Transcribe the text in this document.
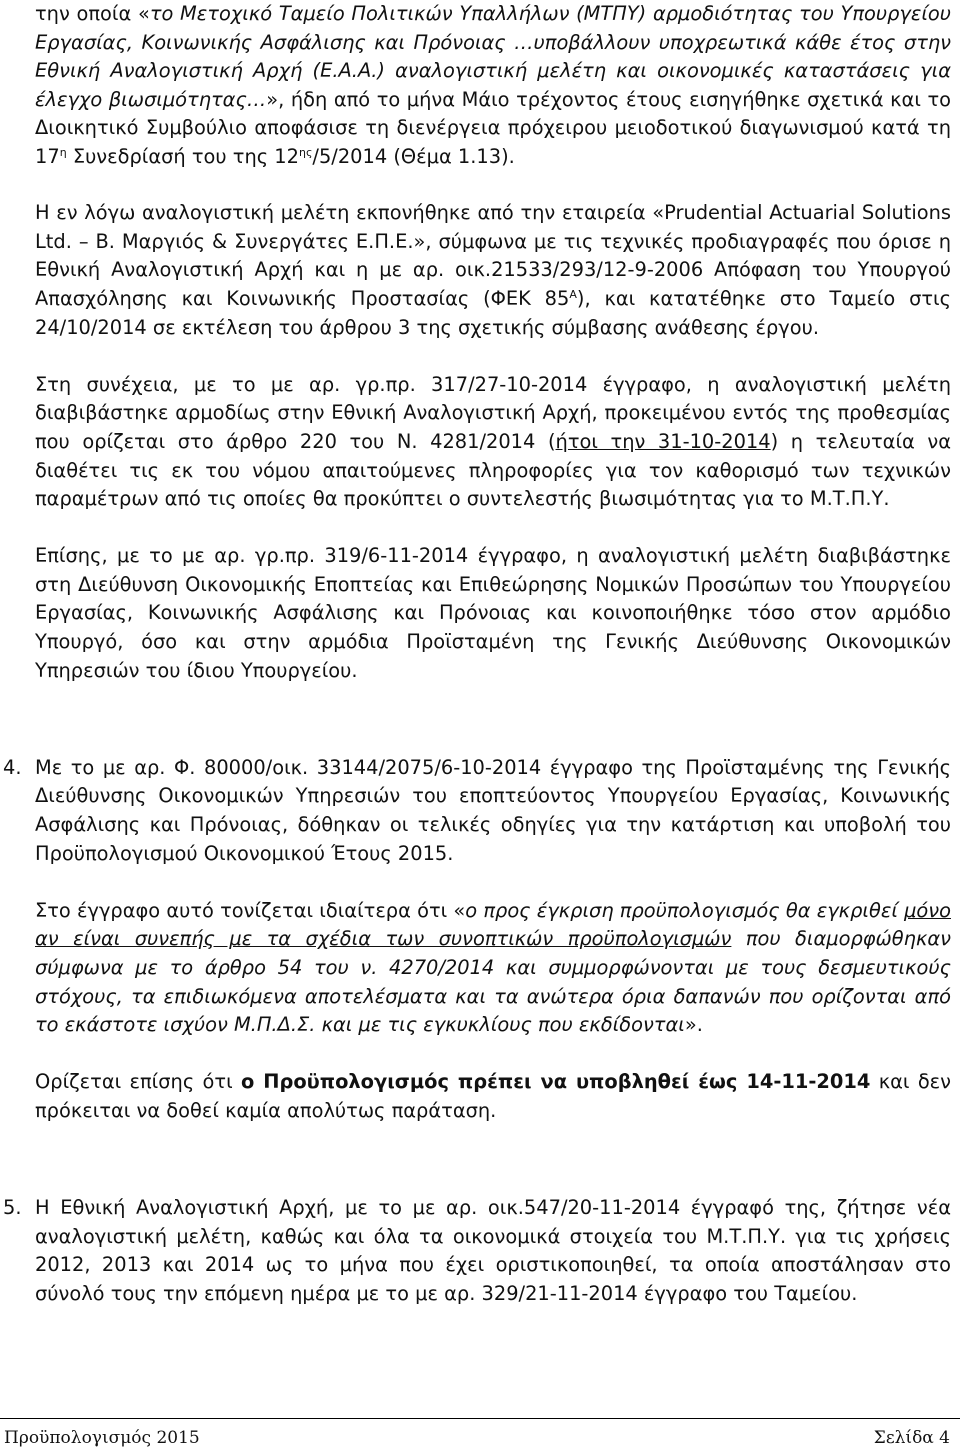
την οποία «το Μετοχικό Ταμείο Πολιτικών Υπαλλήλων (ΜΤΠΥ) αρμοδιότητας του Υπουργείου Εργασίας, Κοινωνικής Ασφάλισης και Πρόνοιας …υποβάλλουν υποχρεωτικά κάθε έτος στην Εθνική Αναλογιστική Αρχή (Ε.Α.Α.) αναλογιστική μελέτη και οικονομικές καταστάσεις για έλεγχο βιωσιμότητας…», ήδη από το μήνα Μάιο τρέχοντος έτους εισηγήθηκε σχετικά και το Διοικητικό Συμβούλιο αποφάσισε τη διενέργεια πρόχειρου μειοδοτικού διαγωνισμού κατά τη $17^\eta$ Συνεδρίασή του της $12^{\eta\varsigma}/5/2014$ (Θέμα 1.13).

Η εν λόγω αναλογιστική μελέτη εκπονήθηκε από την εταιρεία «Prudential Actuarial Solutions Ltd. – Β. Μαργιός & Συνεργάτες Ε.Π.Ε.», σύμφωνα με τις τεχνικές προδιαγραφές που όρισε η Εθνική Αναλογιστική Αρχή και η με αρ. οικ.21533/293/12-9-2006 Απόφαση του Υπουργού Απασχόλησης και Κοινωνικής Προστασίας (ΦΕΚ $85^A$), και κατατέθηκε στο Ταμείο στις 24/10/2014 σε εκτέλεση του άρθρου 3 της σχετικής σύμβασης ανάθεσης έργου.

Στη συνέχεια, με το με αρ. γρ.πρ. 317/27-10-2014 έγγραφο, η αναλογιστική μελέτη διαβιβάστηκε αρμοδίως στην Εθνική Αναλογιστική Αρχή, προκειμένου εντός της προθεσμίας που ορίζεται στο άρθρο 220 του Ν. 4281/2014 (ήτοι την 31-10-2014) η τελευταία να διαθέτει τις εκ του νόμου απαιτούμενες πληροφορίες για τον καθορισμό των τεχνικών παραμέτρων από τις οποίες θα προκύπτει ο συντελεστής βιωσιμότητας για το Μ.Τ.Π.Υ.

Επίσης, με το με αρ. γρ.πρ. 319/6-11-2014 έγγραφο, η αναλογιστική μελέτη διαβιβάστηκε στη Διεύθυνση Οικονομικής Εποπτείας και Επιθεώρησης Νομικών Προσώπων του Υπουργείου Εργασίας, Κοινωνικής Ασφάλισης και Πρόνοιας και κοινοποιήθηκε τόσο στον αρμόδιο Υπουργό, όσο και στην αρμόδια Προϊσταμένη της Γενικής Διεύθυνσης Οικονομικών Υπηρεσιών του ίδιου Υπουργείου.

4. Με το με αρ. Φ. 80000/οικ. 33144/2075/6-10-2014 έγγραφο της Προϊσταμένης της Γενικής Διεύθυνσης Οικονομικών Υπηρεσιών του εποπτεύοντος Υπουργείου Εργασίας, Κοινωνικής Ασφάλισης και Πρόνοιας, δόθηκαν οι τελικές οδηγίες για την κατάρτιση και υποβολή του Προϋπολογισμού Οικονομικού Έτους 2015.

Στο έγγραφο αυτό τονίζεται ιδιαίτερα ότι «ο προς έγκριση προϋπολογισμός θα εγκριθεί μόνο αν είναι συνεπής με τα σχέδια των συνοπτικών προϋπολογισμών που διαμορφώθηκαν σύμφωνα με το άρθρο 54 του ν. 4270/2014 και συμμορφώνονται με τους δεσμευτικούς στόχους, τα επιδιωκόμενα αποτελέσματα και τα ανώτερα όρια δαπανών που ορίζονται από το εκάστοτε ισχύον Μ.Π.Δ.Σ. και με τις εγκυκλίους που εκδίδονται».

Ορίζεται επίσης ότι ο Προϋπολογισμός πρέπει να υποβληθεί έως 14-11-2014 και δεν πρόκειται να δοθεί καμία απολύτως παράταση.

5. Η Εθνική Αναλογιστική Αρχή, με το με αρ. οικ.547/20-11-2014 έγγραφό της, ζήτησε νέα αναλογιστική μελέτη, καθώς και όλα τα οικονομικά στοιχεία του Μ.Τ.Π.Υ. για τις χρήσεις 2012, 2013 και 2014 ως το μήνα που έχει οριστικοποιηθεί, τα οποία αποστάλησαν στο σύνολό τους την επόμενη ημέρα με το με αρ. 329/21-11-2014 έγγραφο του Ταμείου.

Προϋπολογισμός 2015	Σελίδα 4
